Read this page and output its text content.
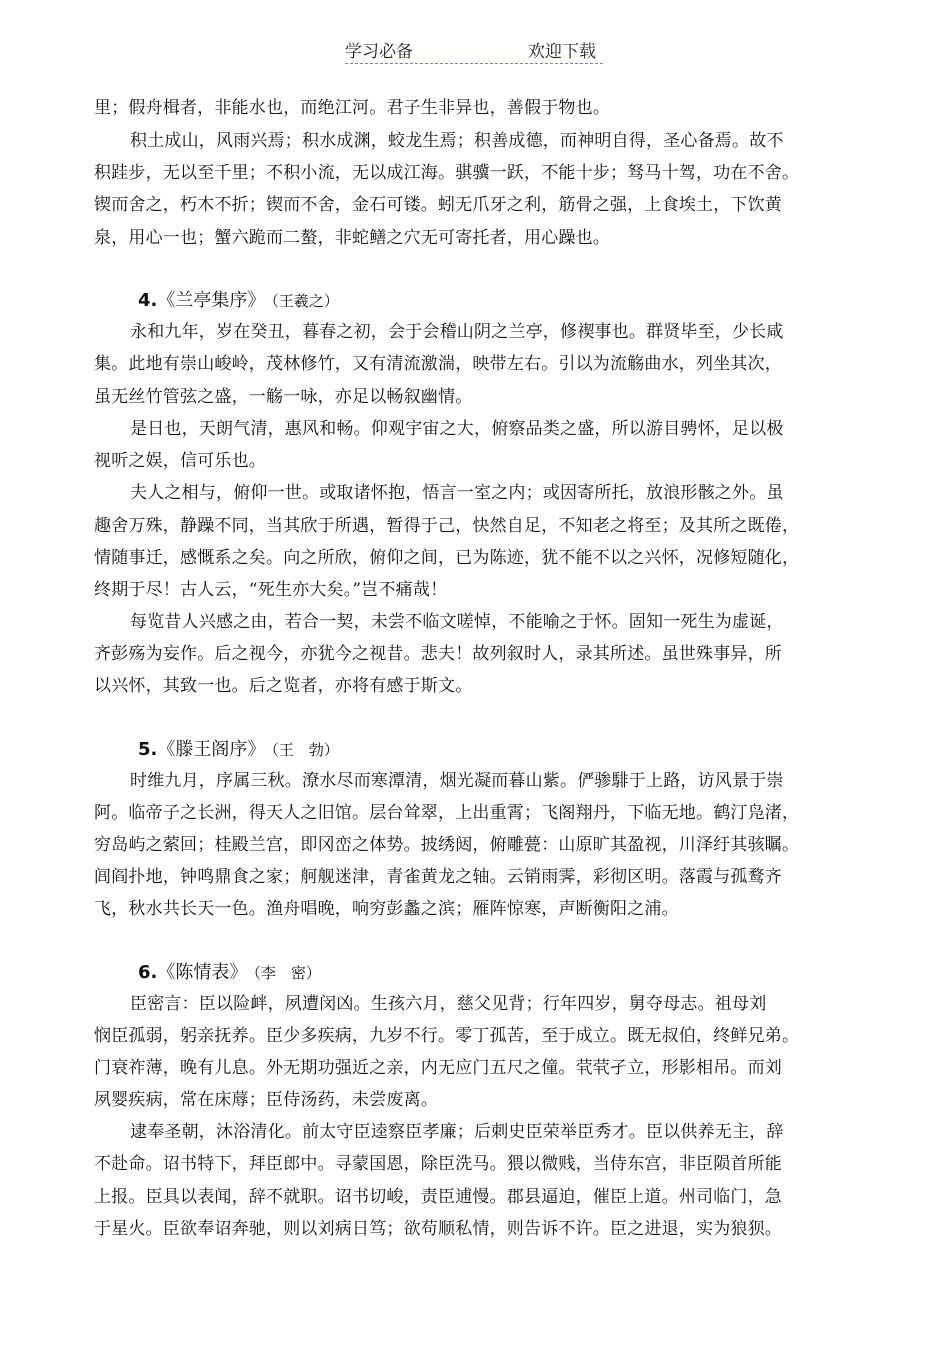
学习必备	欢迎下载
里；假舟楫者，非能水也，而绝江河。君子生非异也，善假于物也。
积土成山，风雨兴焉；积水成渊，蛟龙生焉；积善成德，而神明自得，圣心备焉。故不
积跬步，无以至千里；不积小流，无以成江海。骐骥一跃，不能十步；驽马十驾，功在不舍。
锲而舍之，朽木不折；锲而不舍，金石可镂。蚓无爪牙之利，筋骨之强，上食埃土，下饮黄
泉，用心一也；蟹六跪而二螯，非蛇鳝之穴无可寄托者，用心躁也。
4.《兰亭集序》 （王羲之）
永和九年，岁在癸丑，暮春之初，会于会稽山阴之兰亭，修禊事也。群贤毕至，少长咸
集。此地有崇山峻岭，茂林修竹，又有清流激湍，映带左右。引以为流觞曲水，列坐其次，
虽无丝竹管弦之盛，一觞一咏，亦足以畅叙幽情。
是日也，天朗气清，惠风和畅。仰观宇宙之大，俯察品类之盛，所以游目骋怀，足以极
视听之娱，信可乐也。
夫人之相与，俯仰一世。或取诸怀抱，悟言一室之内；或因寄所托，放浪形骸之外。虽
趣舍万殊，静躁不同，当其欣于所遇，暂得于己，快然自足，不知老之将至；及其所之既倦，
情随事迁，感慨系之矣。向之所欣，俯仰之间，已为陈迹，犹不能不以之兴怀，况修短随化，
终期于尽！古人云，“死生亦大矣。”岂不痛哉！
每览昔人兴感之由，若合一契，未尝不临文嗟悼，不能喻之于怀。固知一死生为虚诞，
齐彭殇为妄作。后之视今，亦犹今之视昔。悲夫！故列叙时人，录其所述。虽世殊事异，所
以兴怀，其致一也。后之览者，亦将有感于斯文。
5.《滕王阁序》 （王　勃）
时维九月，序属三秋。潦水尽而寒潭清，烟光凝而暮山紫。俨骖騑于上路，访风景于崇
阿。临帝子之长洲，得天人之旧馆。层台耸翠，上出重霄；飞阁翔丹，下临无地。鹤汀凫渚，
穷岛屿之萦回；桂殿兰宫，即冈峦之体势。披绣闼，俯雕甍：山原旷其盈视，川泽纡其骇瞩。
闾阎扑地，钟鸣鼎食之家；舸舰迷津，青雀黄龙之轴。云销雨霁，彩彻区明。落霞与孤鹜齐
飞，秋水共长天一色。渔舟唱晚，响穷彭蠡之滨；雁阵惊寒，声断衡阳之浦。
6.《陈情表》 （李　密）
臣密言：臣以险衅，夙遭闵凶。生孩六月，慈父见背；行年四岁，舅夺母志。祖母刘
悯臣孤弱，躬亲抚养。臣少多疾病，九岁不行。零丁孤苦，至于成立。既无叔伯，终鲜兄弟。
门衰祚薄，晚有儿息。外无期功强近之亲，内无应门五尺之僮。茕茕孑立，形影相吊。而刘
夙婴疾病，常在床蓐；臣侍汤药，未尝废离。
逮奉圣朝，沐浴清化。前太守臣逵察臣孝廉；后刺史臣荣举臣秀才。臣以供养无主，辞
不赴命。诏书特下，拜臣郎中。寻蒙国恩，除臣洗马。猥以微贱，当侍东宫，非臣陨首所能
上报。臣具以表闻，辞不就职。诏书切峻，责臣逋慢。郡县逼迫，催臣上道。州司临门，急
于星火。臣欲奉诏奔驰，则以刘病日笃；欲苟顺私情，则告诉不许。臣之进退，实为狼狈。
